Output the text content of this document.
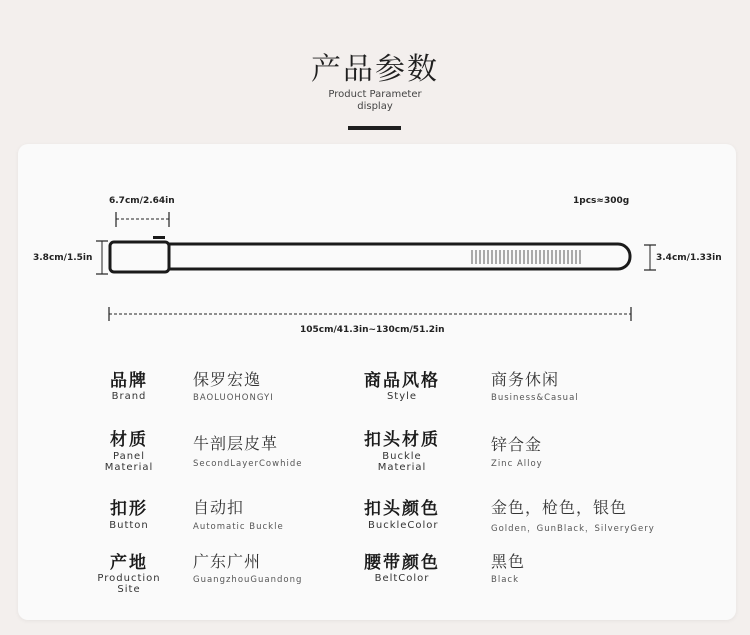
产品参数
Product Parameter
display
6.7cm/2.64in	1pcs≈300g
3.8cm/1.5in	3.4cm/1.33in
105cm/41.3in~130cm/51.2in
品牌
Brand
保罗宏逸
BAOLUOHONGYI
商品风格
Style
商务休闲
Business&Casual
材质
Panel Material
牛剖层皮革
SecondLayerCowhide
扣头材质
Buckle Material
锌合金
Zinc Alloy
扣形
Button
自动扣
Automatic Buckle
扣头颜色
BuckleColor
金色，枪色，银色
Golden，GunBlack，SilveryGery
产地
Production Site
广东广州
GuangzhouGuandong
腰带颜色
BeltColor
黑色
Black
